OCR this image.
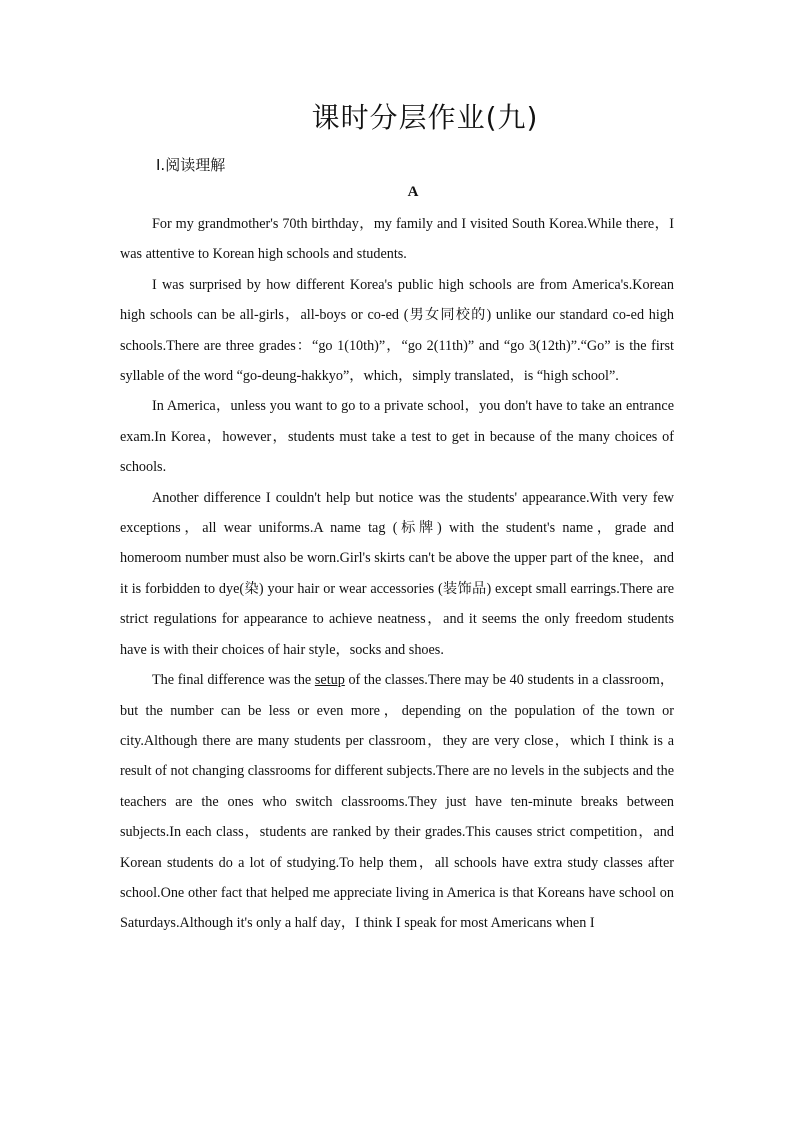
课时分层作业(九)
Ⅰ.阅读理解
A

For my grandmother's 70th birthday，my family and I visited South Korea.While there，I was attentive to Korean high schools and students.

I was surprised by how different Korea's public high schools are from America's.Korean high schools can be all-girls，all-boys or co-ed (男女同校的) unlike our standard co-ed high schools.There are three grades：“go 1(10th)”，“go 2(11th)” and “go 3(12th)”.“Go” is the first syllable of the word “go-deung-hakkyo”，which，simply translated，is “high school”.

In America，unless you want to go to a private school，you don't have to take an entrance exam.In Korea，however，students must take a test to get in because of the many choices of schools.

Another difference I couldn't help but notice was the students' appearance.With very few exceptions，all wear uniforms.A name tag (标牌) with the student's name，grade and homeroom number must also be worn.Girl's skirts can't be above the upper part of the knee，and it is forbidden to dye(染) your hair or wear accessories (装饰品) except small earrings.There are strict regulations for appearance to achieve neatness，and it seems the only freedom students have is with their choices of hair style，socks and shoes.

The final difference was the setup of the classes.There may be 40 students in a classroom，but the number can be less or even more，depending on the population of the town or city.Although there are many students per classroom，they are very close，which I think is a result of not changing classrooms for different subjects.There are no levels in the subjects and the teachers are the ones who switch classrooms.They just have ten-minute breaks between subjects.In each class，students are ranked by their grades.This causes strict competition，and Korean students do a lot of studying.To help them，all schools have extra study classes after school.One other fact that helped me appreciate living in America is that Koreans have school on Saturdays.Although it's only a half day，I think I speak for most Americans when I
